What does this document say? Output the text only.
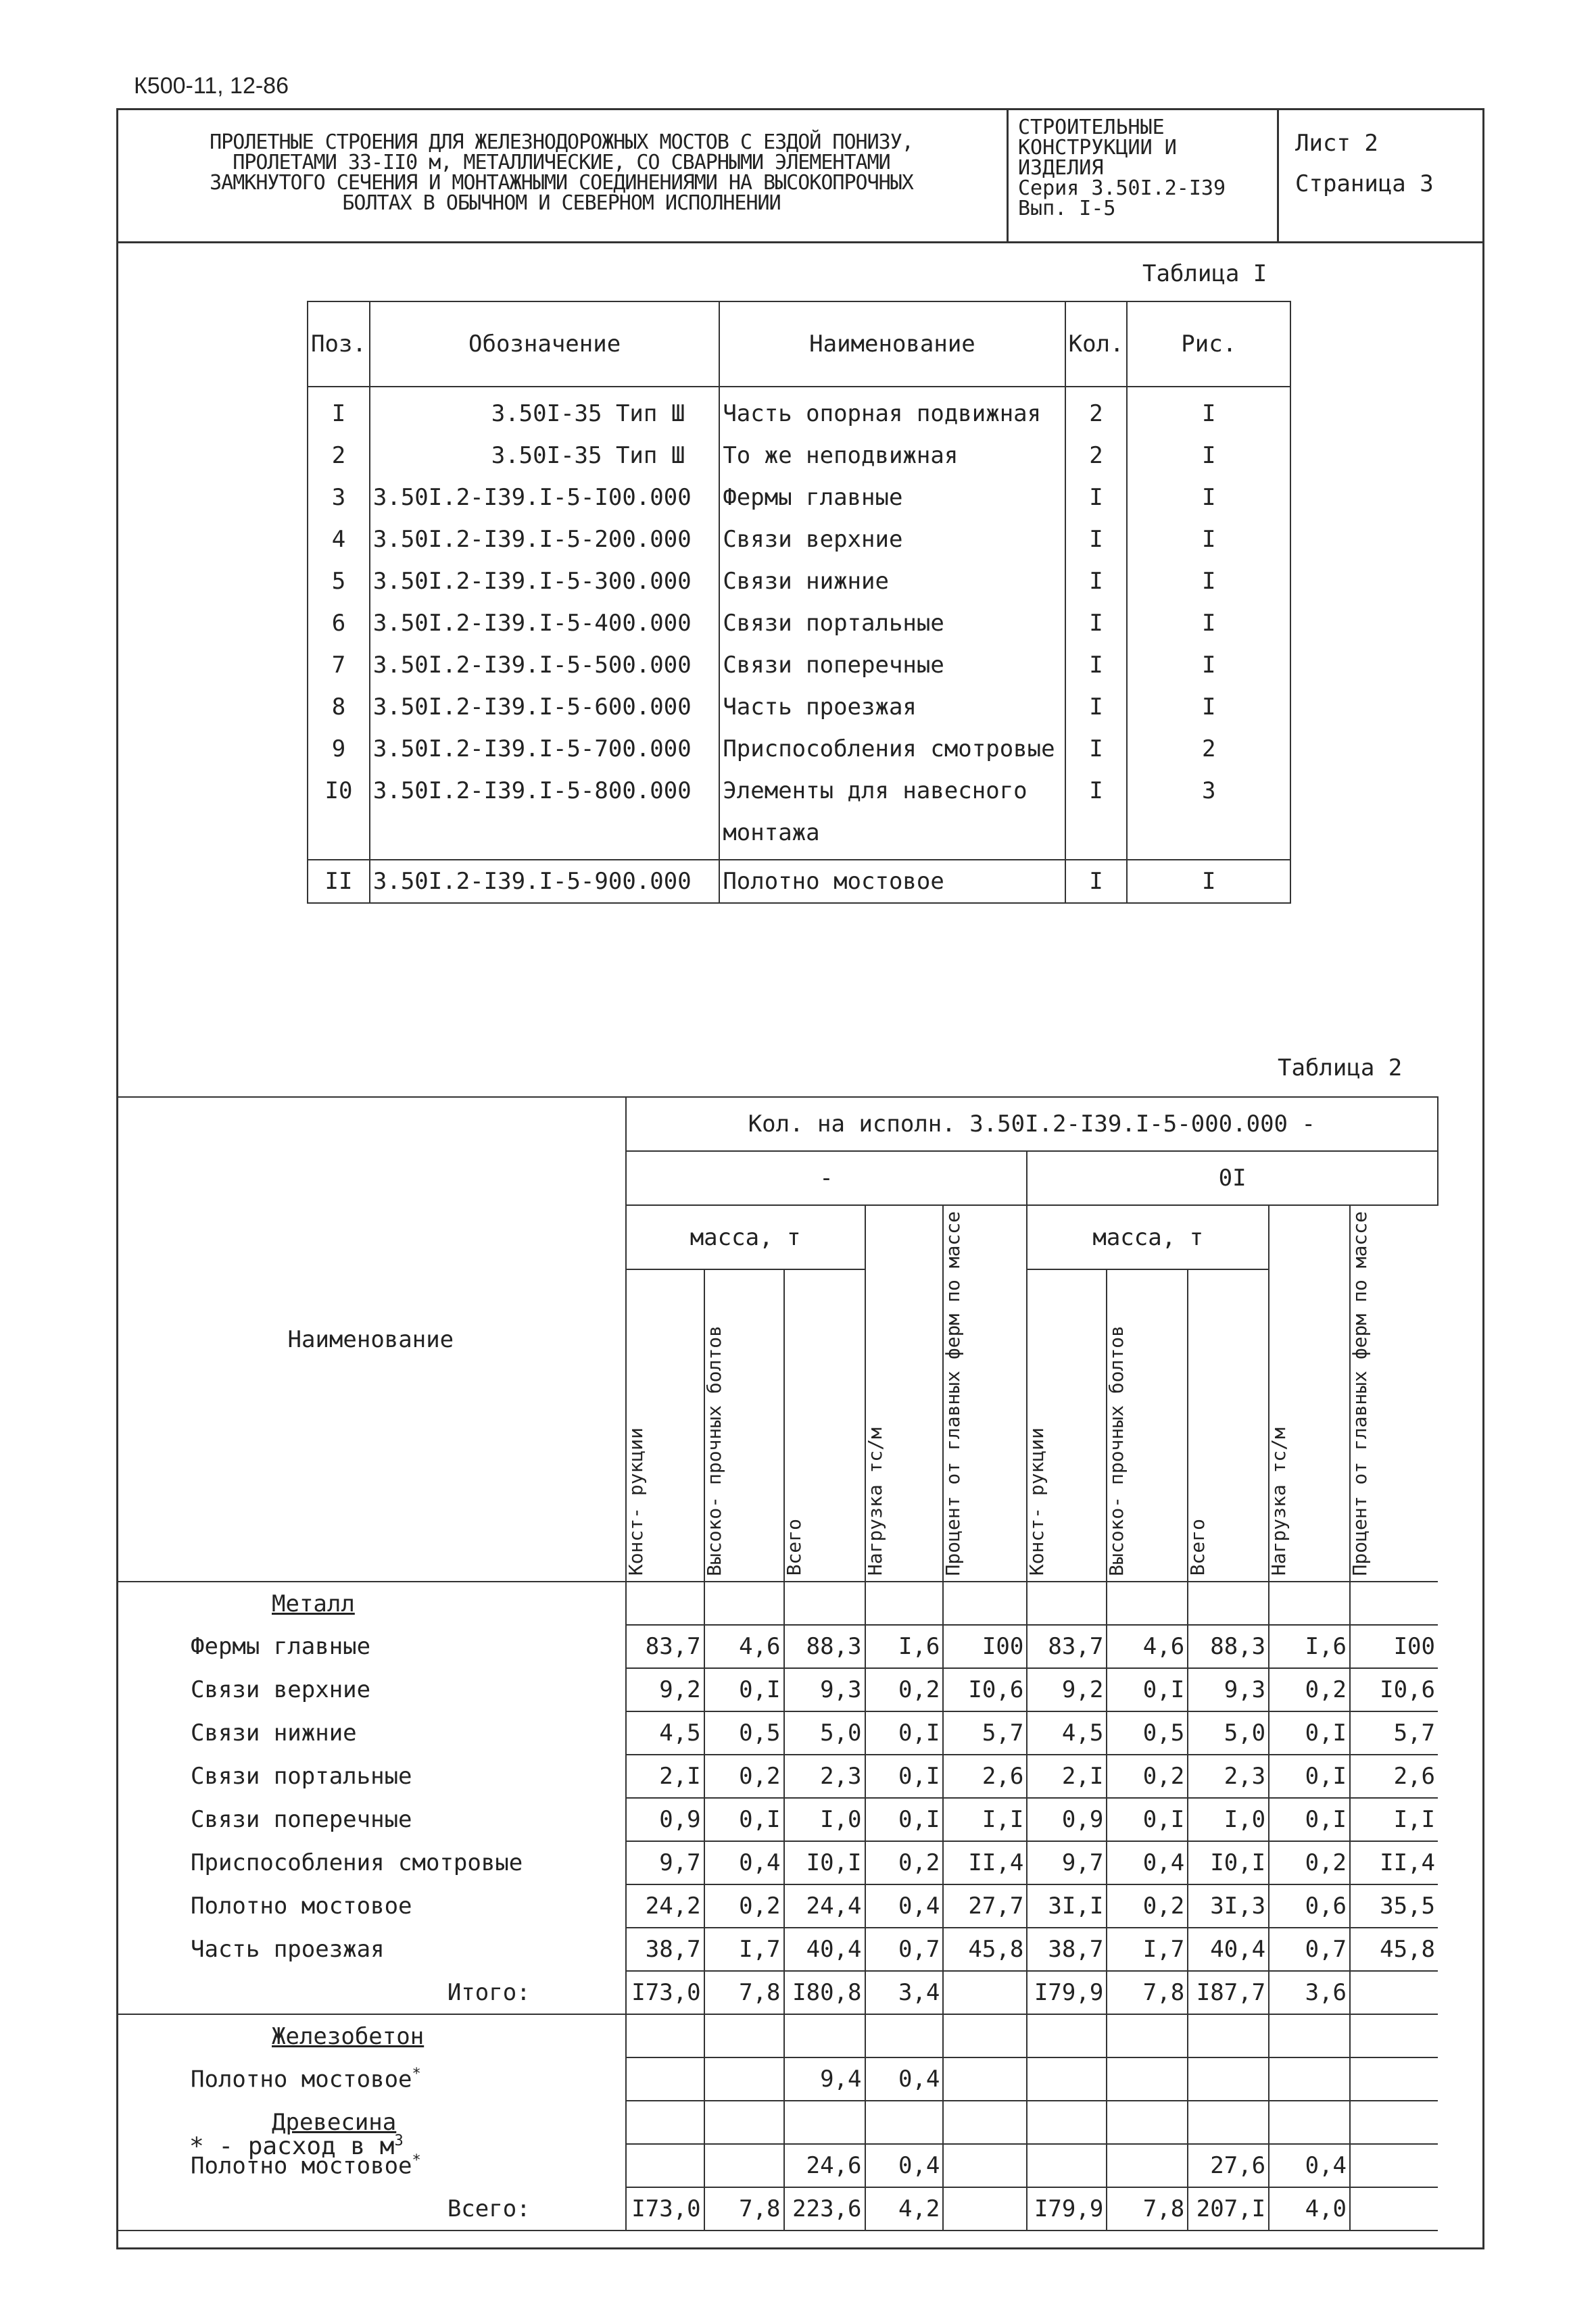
К500-11, 12-86
ПРОЛЕТНЫЕ СТРОЕНИЯ ДЛЯ ЖЕЛЕЗНОДОРОЖНЫХ МОСТОВ С ЕЗДОЙ ПОНИЗУ,
ПРОЛЕТАМИ 33-II0 м, МЕТАЛЛИЧЕСКИЕ, СО СВАРНЫМИ ЭЛЕМЕНТАМИ
ЗАМКНУТОГО СЕЧЕНИЯ И МОНТАЖНЫМИ СОЕДИНЕНИЯМИ НА ВЫСОКОПРОЧНЫХ
БОЛТАХ В ОБЫЧНОМ И СЕВЕРНОМ ИСПОЛНЕНИИ
СТРОИТЕЛЬНЫЕ
КОНСТРУКЦИИ И
ИЗДЕЛИЯ
Серия 3.50I.2-I39
Вып. I-5
Лист 2
Страница 3
Таблица I
Поз.	Обозначение	Наименование	Кол.	Рис.
I	3.50I-35 Тип Ш	Часть опорная подвижная	2	I
2	3.50I-35 Тип Ш	То же неподвижная	2	I
3	3.50I.2-I39.I-5-I00.000	Фермы главные	I	I
4	3.50I.2-I39.I-5-200.000	Связи верхние	I	I
5	3.50I.2-I39.I-5-300.000	Связи нижние	I	I
6	3.50I.2-I39.I-5-400.000	Связи портальные	I	I
7	3.50I.2-I39.I-5-500.000	Связи поперечные	I	I
8	3.50I.2-I39.I-5-600.000	Часть проезжая	I	I
9	3.50I.2-I39.I-5-700.000	Приспособления смотровые	I	2
I0	3.50I.2-I39.I-5-800.000	Элементы для навесного	I	3
		монтажа		

II	3.50I.2-I39.I-5-900.000	Полотно мостовое	I	I
Таблица 2
Наименование	Кол. на исполн. 3.50I.2-I39.I-5-000.000 -									
	-					0I				
	масса, т			Нагрузка тс/м	Процент от главных ферм по массе	масса, т			Нагрузка тс/м	Процент от главных ферм по массе

	Конст- рукции	Высоко- прочных болтов	Всего			Конст- рукции	Высоко- прочных болтов	Всего		

Металл										
Фермы главные	83,7	4,6	88,3	I,6	I00	83,7	4,6	88,3	I,6	I00
Связи верхние	9,2	0,I	9,3	0,2	I0,6	9,2	0,I	9,3	0,2	I0,6
Связи нижние	4,5	0,5	5,0	0,I	5,7	4,5	0,5	5,0	0,I	5,7
Связи портальные	2,I	0,2	2,3	0,I	2,6	2,I	0,2	2,3	0,I	2,6
Связи поперечные	0,9	0,I	I,0	0,I	I,I	0,9	0,I	I,0	0,I	I,I
Приспособления смотровые	9,7	0,4	I0,I	0,2	II,4	9,7	0,4	I0,I	0,2	II,4
Полотно мостовое	24,2	0,2	24,4	0,4	27,7	3I,I	0,2	3I,3	0,6	35,5
Часть проезжая	38,7	I,7	40,4	0,7	45,8	38,7	I,7	40,4	0,7	45,8
Итого:	I73,0	7,8	I80,8	3,4		I79,9	7,8	I87,7	3,6	
Железобетон										
Полотно мостовое*			9,4	0,4						
Древесина										
Полотно мостовое*			24,6	0,4				27,6	0,4	
Всего:	I73,0	7,8	223,6	4,2		I79,9	7,8	207,I	4,0	
* - расход в $м^3$
